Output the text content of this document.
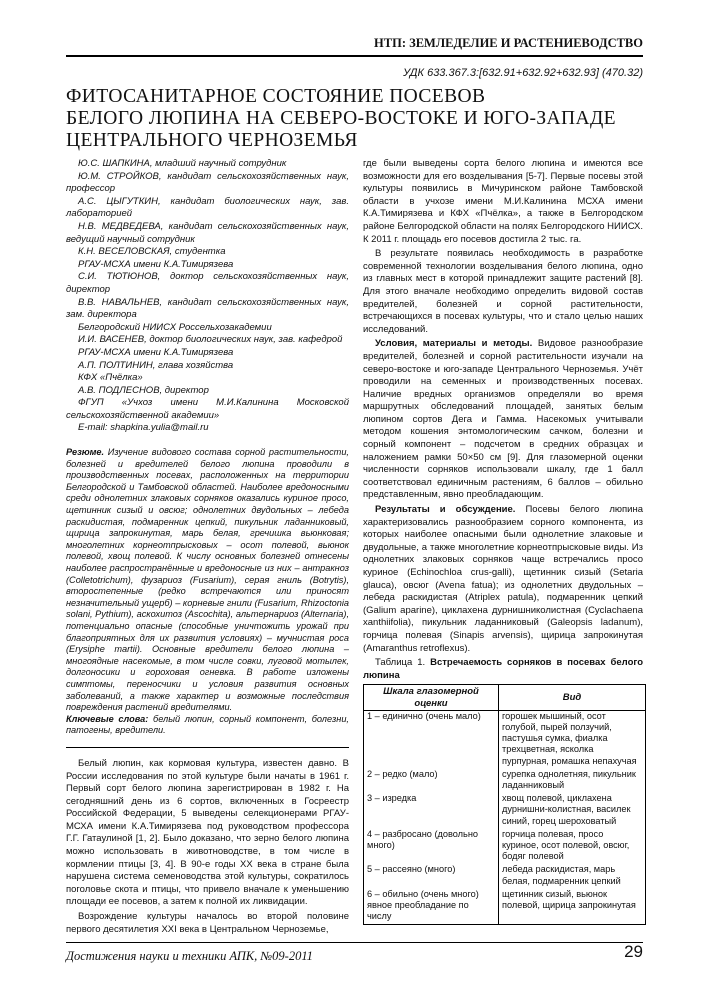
НТП: ЗЕМЛЕДЕЛИЕ И РАСТЕНИЕВОДСТВО
УДК 633.367.3:[632.91+632.92+632.93] (470.32)
ФИТОСАНИТАРНОЕ СОСТОЯНИЕ ПОСЕВОВ
БЕЛОГО ЛЮПИНА НА СЕВЕРО-ВОСТОКЕ И ЮГО-ЗАПАДЕ
ЦЕНТРАЛЬНОГО ЧЕРНОЗЕМЬЯ

Ю.С. ШАПКИНА, младший научный сотрудник

Ю.М. СТРОЙКОВ, кандидат сельскохозяйственных наук, профессор

А.С. ЦЫГУТКИН, кандидат биологических наук, зав. лабораторией

Н.В. МЕДВЕДЕВА, кандидат сельскохозяйственных наук, ведущий научный сотрудник

К.Н. ВЕСЕЛОВСКАЯ, студентка

РГАУ-МСХА имени К.А.Тимирязева

С.И. ТЮТЮНОВ, доктор сельскохозяйственных наук, директор

В.В. НАВАЛЬНЕВ, кандидат сельскохозяйственных наук, зам. директора

Белгородский НИИСХ Россельхозакадемии

И.И. ВАСЕНЕВ, доктор биологических наук, зав. кафедрой

РГАУ-МСХА имени К.А.Тимирязева

А.П. ПОЛТИНИН, глава хозяйства

КФХ «Пчёлка»

А.В. ПОДЛЕСНОВ, директор

ФГУП «Учхоз имени М.И.Калинина Московской сельскохозяйственной академии»

E-mail: shapkina.yulia@mail.ru

Резюме. Изучение видового состава сорной растительности, болезней и вредителей белого люпина проводили в производственных посевах, расположенных на территории Белгородской и Тамбовской областей. Наиболее вредоносными среди однолетних злаковых сорняков оказались куриное просо, щетинник сизый и овсюг; однолетних двудольных – лебеда раскидистая, подмаренник цепкий, пикульник ладанниковый, щирица запрокинутая, марь белая, гречишка вьюнковая; многолетних корнеотпрысковых – осот полевой, вьюнок полевой, хвощ полевой. К числу основных болезней отнесены наиболее распространённые и вредоносные из них – антракноз (Colletotrichum), фузариоз (Fusarium), серая гниль (Botrytis), второстепенные (редко встречаются или приносят незначительный ущерб) – корневые гнили (Fusarium, Rhizoctonia solani, Pythium), аскохитоз (Ascochita), альтернариоз (Alternaria), потенциально опасные (способные уничтожить урожай при благоприятных для их развития условиях) – мучнистая роса (Erysiphe martii). Основные вредители белого люпина – многоядные насекомые, в том числе совки, луговой мотылек, долгоносики и гороховая огневка. В работе изложены симптомы, переносчики и условия развития основных заболеваний, а также характер и возможные последствия повреждения растений вредителями.

Ключевые слова: белый люпин, сорный компонент, болезни, патогены, вредители.

Белый люпин, как кормовая культура, известен давно. В России исследования по этой культуре были начаты в 1961 г. Первый сорт белого люпина зарегистрирован в 1982 г. На сегодняшний день из 6 сортов, включенных в Госреестр Российской Федерации, 5 выведены селекционерами РГАУ-МСХА имени К.А.Тимирязева под руководством профессора Г.Г. Гатаулиной [1, 2]. Было доказано, что зерно белого люпина можно использовать в животноводстве, в том числе в кормлении птицы [3, 4]. В 90-е годы XX века в стране была нарушена система семеноводства этой культуры, сократилось поголовье скота и птицы, что привело вначале к уменьшению площади ее посевов, а затем к полной их ликвидации.

Возрождение культуры началось во второй половине первого десятилетия XXI века в Центральном Черноземье,

где были выведены сорта белого люпина и имеются все возможности для его возделывания [5-7]. Первые посевы этой культуры появились в Мичуринском районе Тамбовской области в учхозе имени М.И.Калинина МСХА имени К.А.Тимирязева и КФХ «Пчёлка», а также в Белгородском районе Белгородской области на полях Белгородского НИИСХ. К 2011 г. площадь его посевов достигла 2 тыс. га.

В результате появилась необходимость в разработке современной технологии возделывания белого люпина, одно из главных мест в которой принадлежит защите растений [8]. Для этого вначале необходимо определить видовой состав вредителей, болезней и сорной растительности, встречающихся в посевах культуры, что и стало целью наших исследований.

Условия, материалы и методы. Видовое разнообразие вредителей, болезней и сорной растительности изучали на северо-востоке и юго-западе Центрального Черноземья. Учёт проводили на семенных и производственных посевах. Наличие вредных организмов определяли во время маршрутных обследований площадей, занятых белым люпином сортов Дега и Гамма. Насекомых учитывали методом кошения энтомологическим сачком, болезни и сорный компонент – подсчетом в средних образцах и наложением рамки 50×50 см [9]. Для глазомерной оценки численности сорняков использовали шкалу, где 1 балл соответствовал единичным растениям, 6 баллов – обильно представленным, явно преобладающим.

Результаты и обсуждение. Посевы белого люпина характеризовались разнообразием сорного компонента, из которых наиболее опасными были однолетние злаковые и двудольные, а также многолетние корнеотпрысковые виды. Из однолетних злаковых сорняков чаще встречались просо куриное (Echinochloa crus-galli), щетинник сизый (Setaria glauca), овсюг (Avena fatua); из однолетних двудольных – лебеда раскидистая (Atriplex patula), подмаренник цепкий (Galium aparine), циклахена дурнишниколистная (Cyclachaena xanthiifolia), пикульник ладанниковый (Galeopsis ladanum), горчица полевая (Sinapis arvensis), щирица запрокинутая (Amaranthus retroflexus).

Таблица 1. Встречаемость сорняков в посевах белого люпина

Шкала глазомерной оценки	Вид
1 – единично (очень мало)	горошек мышиный, осот голубой, пырей ползучий, пастушья сумка, фиалка трехцветная, ясколка пурпурная, ромашка непахучая
2 – редко (мало)	сурепка однолетняя, пикульник ладанниковый
3 – изредка	хвощ полевой, циклахена дурнишни-колистная, василек синий, горец шероховатый
4 – разбросано (довольно много)	горчица полевая, просо куриное, осот полевой, овсюг, бодяг полевой
5 – рассеяно (много)	лебеда раскидистая, марь белая, подмаренник цепкий
6 – обильно (очень много) явное преобладание по числу	щетинник сизый, вьюнок полевой, щирица запрокинутая
Достижения науки и техники АПК, №09-2011	29
